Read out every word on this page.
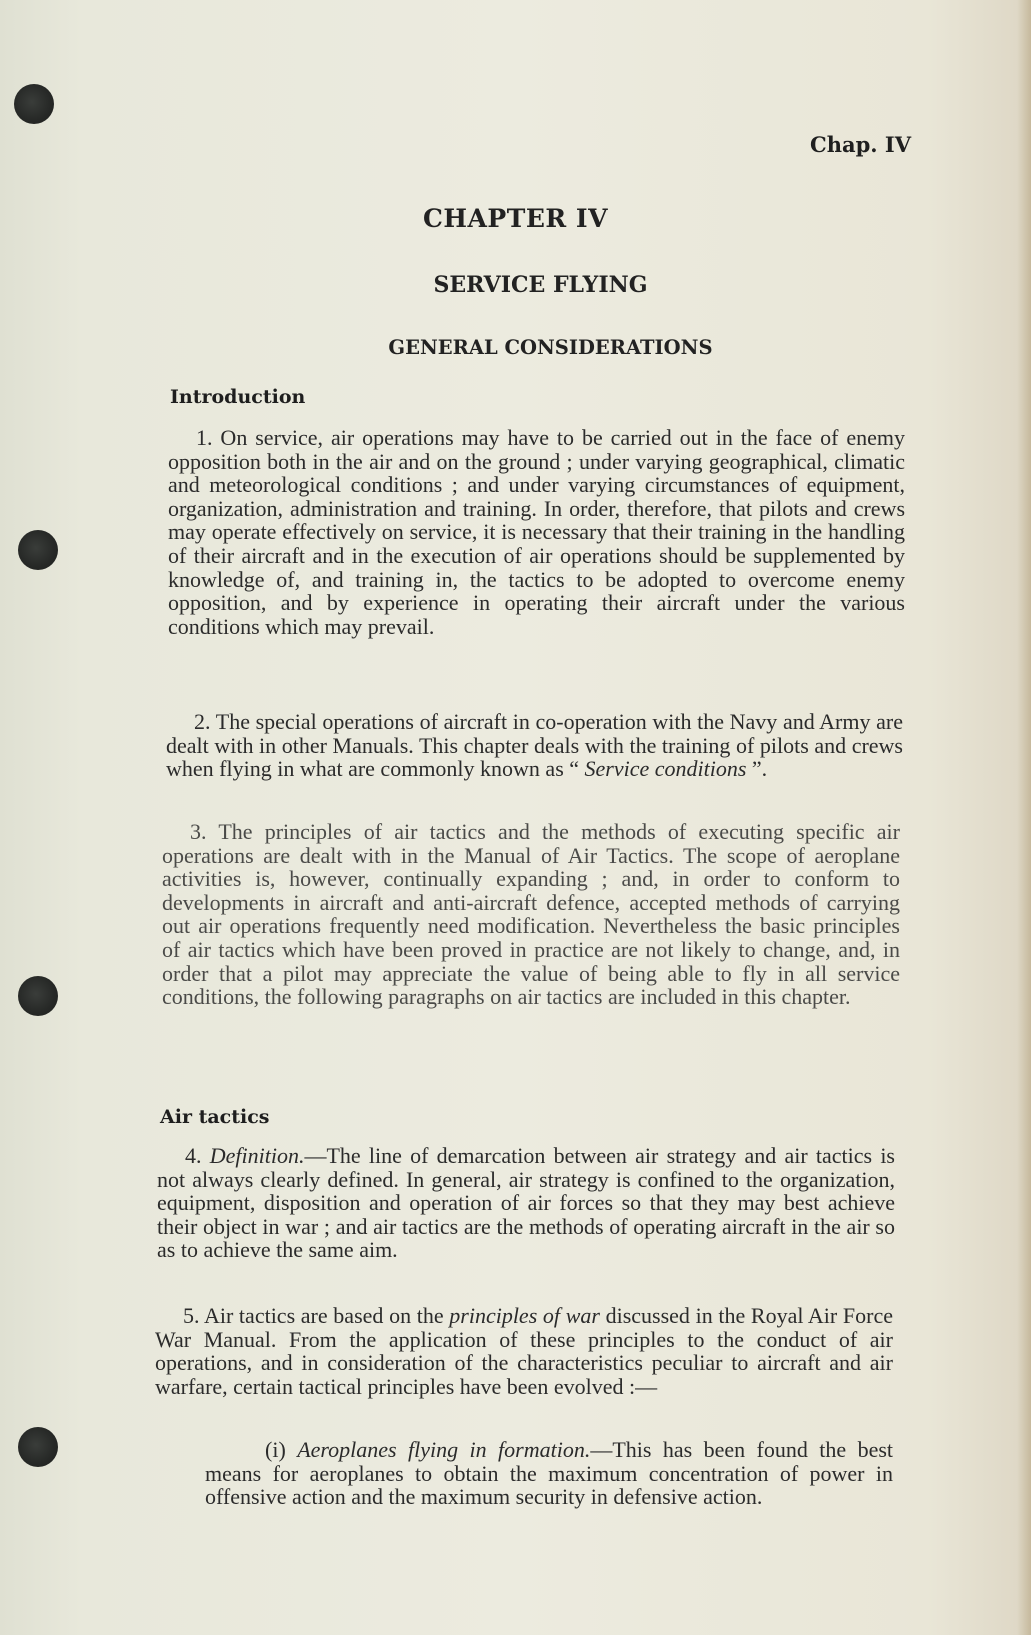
Chap. IV
CHAPTER IV
SERVICE FLYING
GENERAL CONSIDERATIONS
Introduction

1. On service, air operations may have to be carried out in the face of enemy opposition both in the air and on the ground ; under varying geographical, climatic and meteorological conditions ; and under varying circumstances of equipment, organization, administration and training. In order, therefore, that pilots and crews may operate effectively on service, it is necessary that their training in the handling of their aircraft and in the execution of air operations should be supplemented by knowledge of, and training in, the tactics to be adopted to overcome enemy opposition, and by experience in operating their aircraft under the various conditions which may prevail.

2. The special operations of aircraft in co-operation with the Navy and Army are dealt with in other Manuals. This chapter deals with the training of pilots and crews when flying in what are commonly known as “ Service conditions ”.

3. The principles of air tactics and the methods of executing specific air operations are dealt with in the Manual of Air Tactics. The scope of aeroplane activities is, however, continually expanding ; and, in order to conform to developments in aircraft and anti-aircraft defence, accepted methods of carrying out air operations frequently need modification. Nevertheless the basic principles of air tactics which have been proved in practice are not likely to change, and, in order that a pilot may appreciate the value of being able to fly in all service conditions, the following paragraphs on air tactics are included in this chapter.

Air tactics

4. Definition.—The line of demarcation between air strategy and air tactics is not always clearly defined. In general, air strategy is confined to the organization, equipment, disposition and operation of air forces so that they may best achieve their object in war ; and air tactics are the methods of operating aircraft in the air so as to achieve the same aim.

5. Air tactics are based on the principles of war discussed in the Royal Air Force War Manual. From the application of these principles to the conduct of air operations, and in consideration of the characteristics peculiar to aircraft and air warfare, certain tactical principles have been evolved :—

(i) Aeroplanes flying in formation.—This has been found the best means for aeroplanes to obtain the maximum concentration of power in offensive action and the maximum security in defensive action.
